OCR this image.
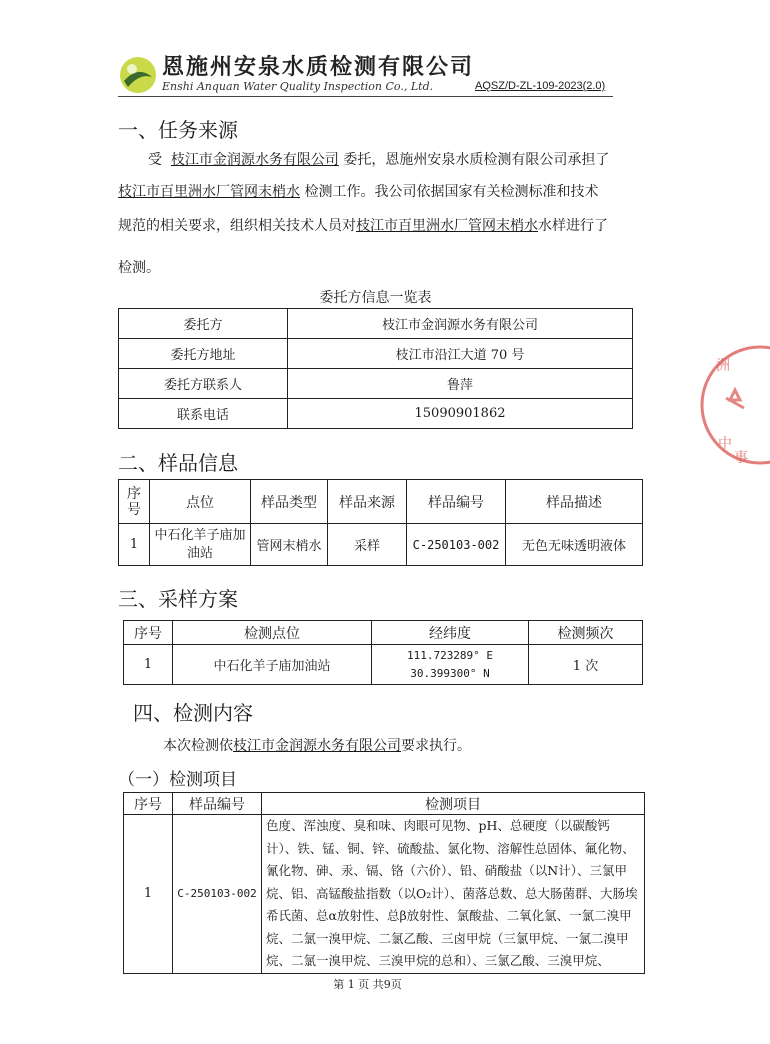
恩施州安泉水质检测有限公司
Enshi Anquan Water Quality Inspection Co., Ltd.	AQSZ/D-ZL-109-2023(2.0)
一、任务来源
受 枝江市金润源水务有限公司 委托，恩施州安泉水质检测有限公司承担了
枝江市百里洲水厂管网末梢水 检测工作。我公司依据国家有关检测标准和技术
规范的相关要求，组织相关技术人员对枝江市百里洲水厂管网末梢水水样进行了
检测。
委托方信息一览表
委托方	枝江市金润源水务有限公司
委托方地址	枝江市沿江大道 70 号
委托方联系人	鲁萍
联系电话	15090901862
二、样品信息
序号	点位	样品类型	样品来源	样品编号	样品描述
1	中石化羊子庙加油站	管网末梢水	采样	C-250103-002	无色无味透明液体
三、采样方案
序号	检测点位	经纬度	检测频次
1	中石化羊子庙加油站	111.723289° E
30.399300° N	1 次
四、检测内容
本次检测依枝江市金润源水务有限公司要求执行。
（一）检测项目
序号	样品编号	检测项目
1	C-250103-002	色度、浑浊度、臭和味、肉眼可见物、pH、总硬度（以碳酸钙计）、铁、锰、铜、锌、硫酸盐、氯化物、溶解性总固体、氟化物、氰化物、砷、汞、镉、铬（六价）、铅、硝酸盐（以N计）、三氯甲烷、铝、高锰酸盐指数（以O₂计）、菌落总数、总大肠菌群、大肠埃希氏菌、总α放射性、总β放射性、氯酸盐、二氧化氯、一氯二溴甲烷、二氯一溴甲烷、二氯乙酸、三卤甲烷（三氯甲烷、一氯二溴甲烷、二氯一溴甲烷、三溴甲烷的总和）、三氯乙酸、三溴甲烷、
洲
中
事
第 1 页 共9页
